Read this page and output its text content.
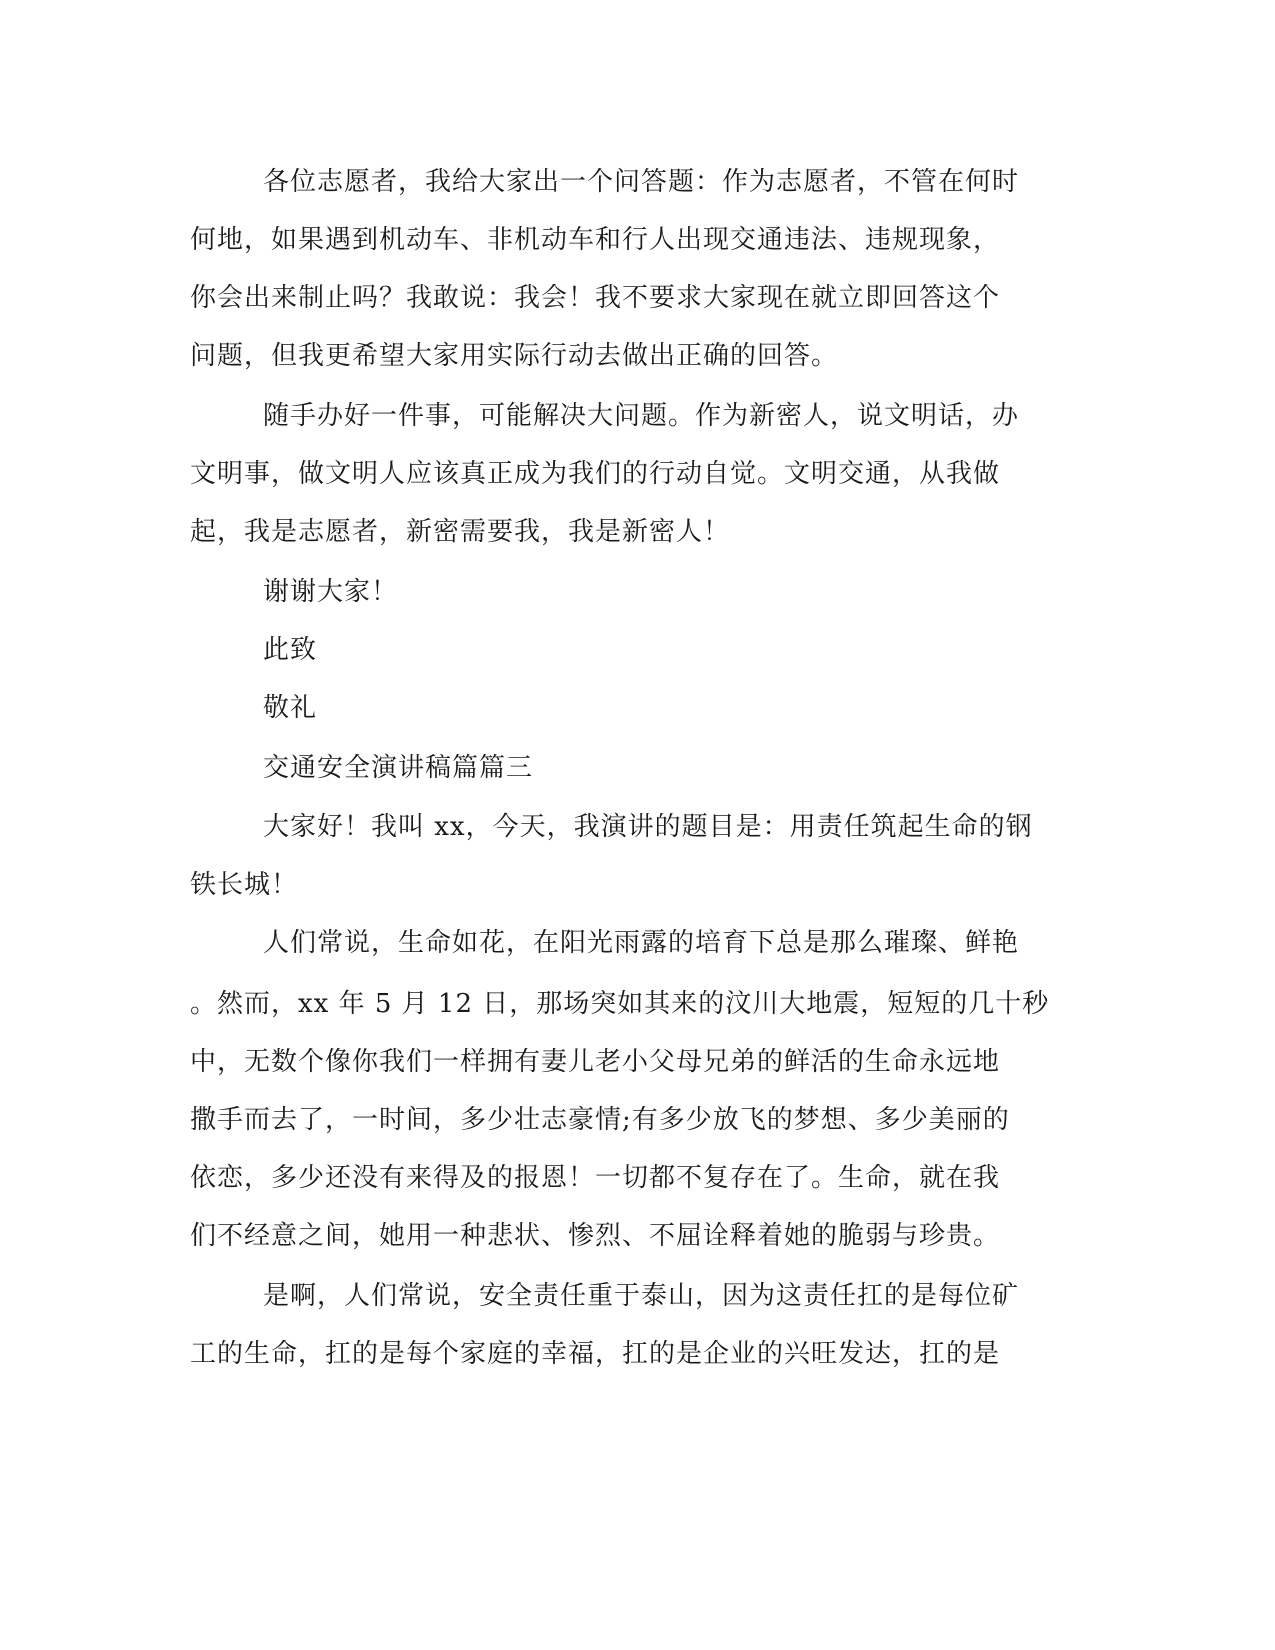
各位志愿者，我给大家出一个问答题：作为志愿者，不管在何时
何地，如果遇到机动车、非机动车和行人出现交通违法、违规现象，
你会出来制止吗？我敢说：我会！我不要求大家现在就立即回答这个
问题，但我更希望大家用实际行动去做出正确的回答。
随手办好一件事，可能解决大问题。作为新密人，说文明话，办
文明事，做文明人应该真正成为我们的行动自觉。文明交通，从我做
起，我是志愿者，新密需要我，我是新密人！
谢谢大家！
此致
敬礼
交通安全演讲稿篇篇三
大家好！我叫 xx，今天，我演讲的题目是：用责任筑起生命的钢
铁长城！
人们常说，生命如花，在阳光雨露的培育下总是那么璀璨、鲜艳
。然而，xx 年 5 月 12 日，那场突如其来的汶川大地震，短短的几十秒
中，无数个像你我们一样拥有妻儿老小父母兄弟的鲜活的生命永远地
撒手而去了，一时间，多少壮志豪情;有多少放飞的梦想、多少美丽的
依恋，多少还没有来得及的报恩！一切都不复存在了。生命，就在我
们不经意之间，她用一种悲状、惨烈、不屈诠释着她的脆弱与珍贵。
是啊，人们常说，安全责任重于泰山，因为这责任扛的是每位矿
工的生命，扛的是每个家庭的幸福，扛的是企业的兴旺发达，扛的是
